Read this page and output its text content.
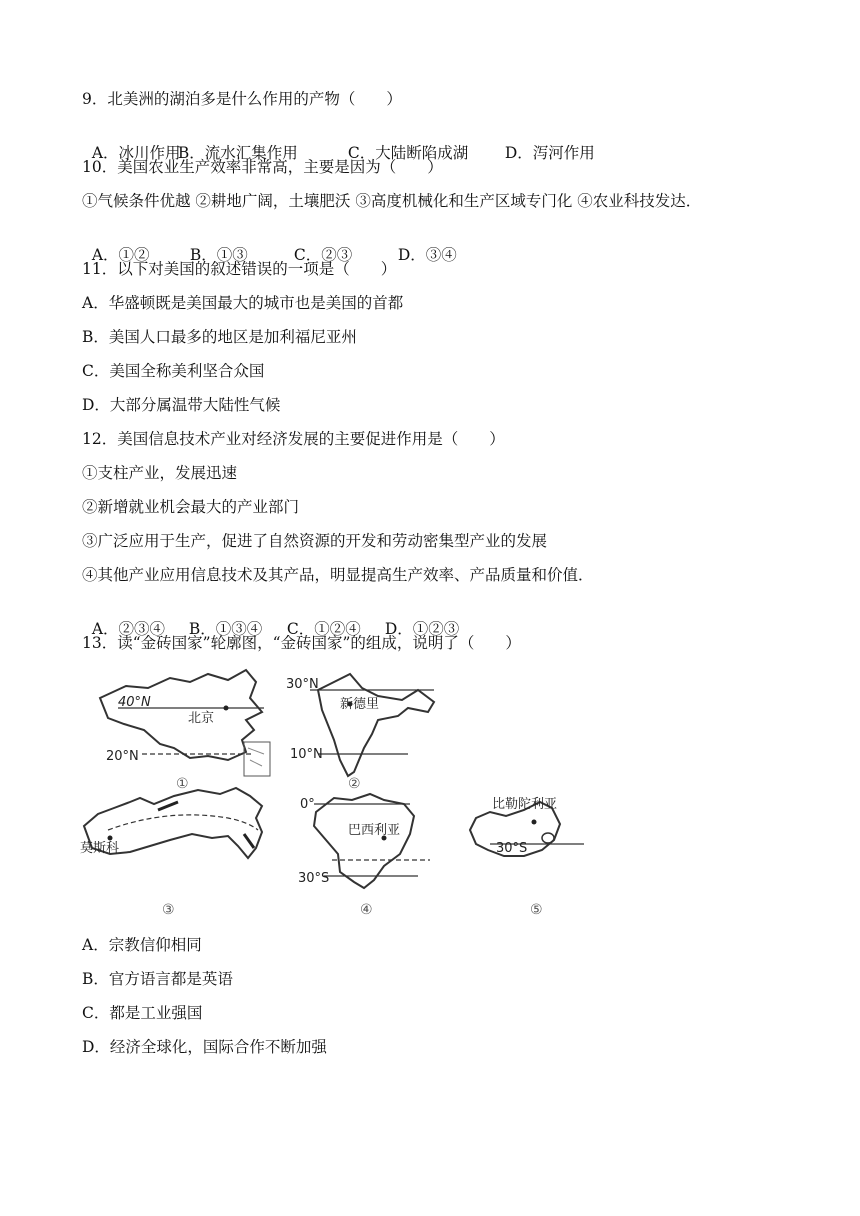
9．北美洲的湖泊多是什么作用的产物（　　）

A．冰川作用B．流水汇集作用	C．大陆断陷成湖 D．泻河作用

10．美国农业生产效率非常高，主要是因为（　　）
①气候条件优越 ②耕地广阔，土壤肥沃 ③高度机械化和生产区域专门化 ④农业科技发达．

A．①②	B．①③	C．②③	D．③④

11．以下对美国的叙述错误的一项是（　　）
A．华盛顿既是美国最大的城市也是美国的首都
B．美国人口最多的地区是加利福尼亚州
C．美国全称美利坚合众国
D．大部分属温带大陆性气候
12．美国信息技术产业对经济发展的主要促进作用是（　　）
①支柱产业，发展迅速
②新增就业机会最大的产业部门
③广泛应用于生产，促进了自然资源的开发和劳动密集型产业的发展
④其他产业应用信息技术及其产品，明显提高生产效率、产品质量和价值．

A．②③④ B．①③④ C．①②④ D．①②③

13．读“金砖国家”轮廓图，“金砖国家”的组成，说明了（　　）
40°N
20°N
北京
①
30°N
10°N
新德里
②
莫斯科
③
0°
30°S
巴西利亚
④
比勒陀利亚
30°S
⑤
A．宗教信仰相同
B．官方语言都是英语
C．都是工业强国
D．经济全球化，国际合作不断加强
